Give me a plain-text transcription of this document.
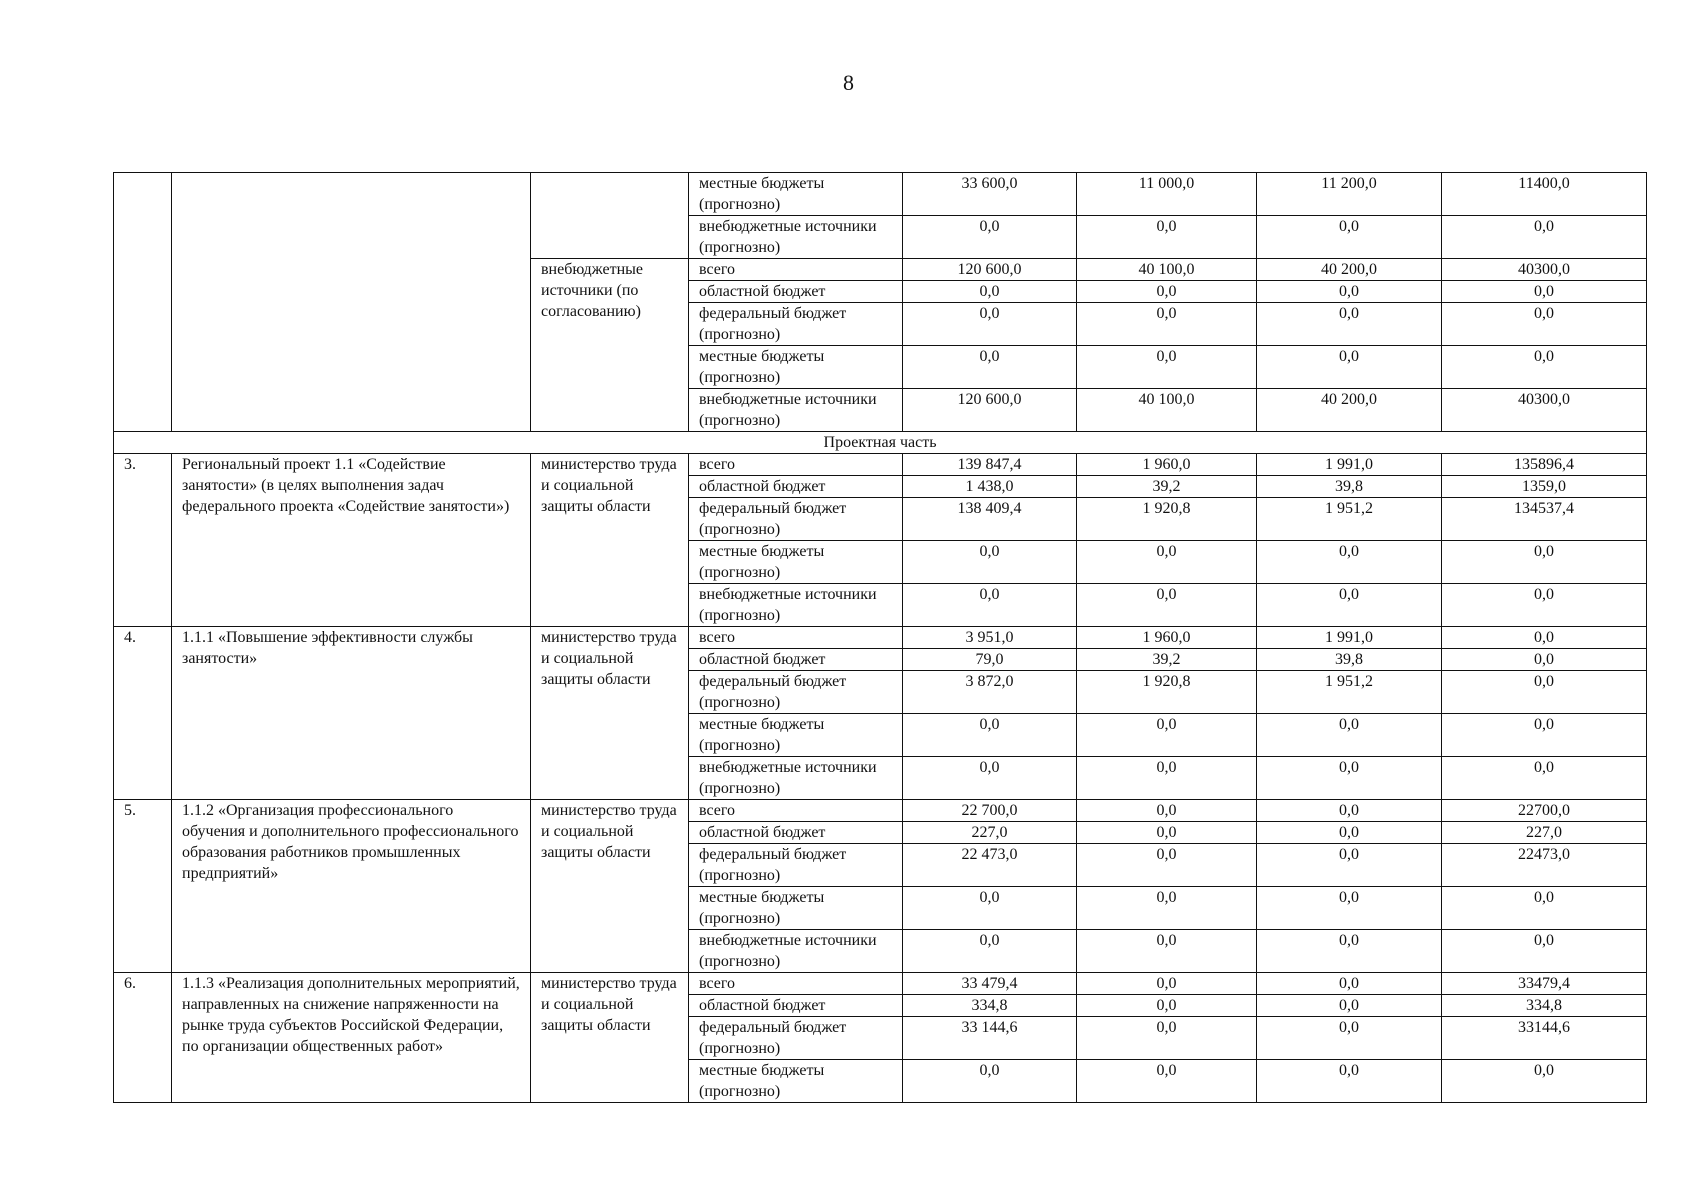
8
			местные бюджеты (прогнозно)	33 600,0	11 000,0	11 200,0	11400,0
			внебюджетные источники (прогнозно)	0,0	0,0	0,0	0,0
		внебюджетные источники (по согласованию)	всего	120 600,0	40 100,0	40 200,0	40300,0
			областной бюджет	0,0	0,0	0,0	0,0
			федеральный бюджет (прогнозно)	0,0	0,0	0,0	0,0
			местные бюджеты (прогнозно)	0,0	0,0	0,0	0,0
			внебюджетные источники (прогнозно)	120 600,0	40 100,0	40 200,0	40300,0
Проектная часть							
3.	Региональный проект 1.1 «Содействие занятости» (в целях выполнения задач федерального проекта «Содействие занятости»)	министерство труда и социальной защиты области	всего	139 847,4	1 960,0	1 991,0	135896,4
			областной бюджет	1 438,0	39,2	39,8	1359,0
			федеральный бюджет (прогнозно)	138 409,4	1 920,8	1 951,2	134537,4
			местные бюджеты (прогнозно)	0,0	0,0	0,0	0,0
			внебюджетные источники (прогнозно)	0,0	0,0	0,0	0,0
4.	1.1.1 «Повышение эффективности службы занятости»	министерство труда и социальной защиты области	всего	3 951,0	1 960,0	1 991,0	0,0
			областной бюджет	79,0	39,2	39,8	0,0
			федеральный бюджет (прогнозно)	3 872,0	1 920,8	1 951,2	0,0
			местные бюджеты (прогнозно)	0,0	0,0	0,0	0,0
			внебюджетные источники (прогнозно)	0,0	0,0	0,0	0,0
5.	1.1.2 «Организация профессионального обучения и дополнительного профессионального образования работников промышленных предприятий»	министерство труда и социальной защиты области	всего	22 700,0	0,0	0,0	22700,0
			областной бюджет	227,0	0,0	0,0	227,0
			федеральный бюджет (прогнозно)	22 473,0	0,0	0,0	22473,0
			местные бюджеты (прогнозно)	0,0	0,0	0,0	0,0
			внебюджетные источники (прогнозно)	0,0	0,0	0,0	0,0
6.	1.1.3 «Реализация дополнительных мероприятий, направленных на снижение напряженности на рынке труда субъектов Российской Федерации, по организации общественных работ»	министерство труда и социальной защиты области	всего	33 479,4	0,0	0,0	33479,4
			областной бюджет	334,8	0,0	0,0	334,8
			федеральный бюджет (прогнозно)	33 144,6	0,0	0,0	33144,6
			местные бюджеты (прогнозно)	0,0	0,0	0,0	0,0
